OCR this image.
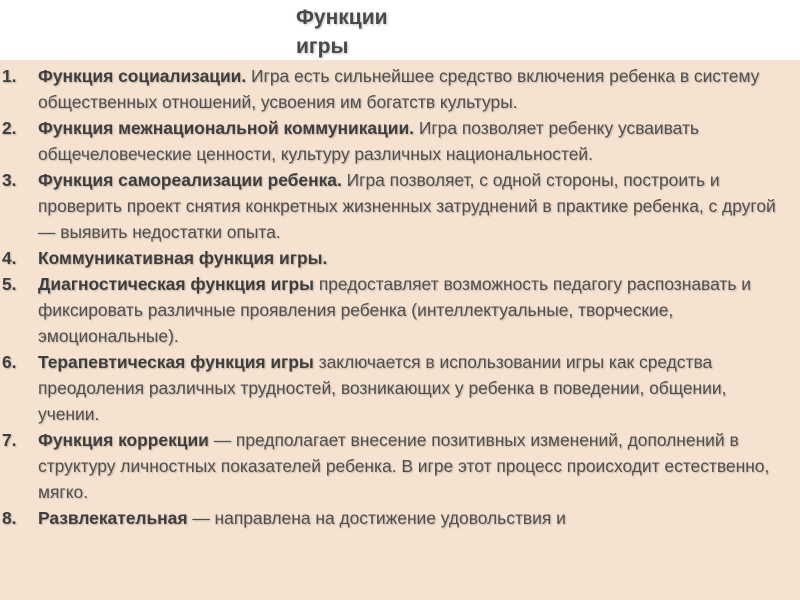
Функции игры
1. Функция социализации. Игра есть сильнейшее средство включения ребенка в систему общественных отношений, усвоения им богатств культуры.
2. Функция межнациональной коммуникации. Игра позволяет ребенку усваивать общечеловеческие ценности, культуру различных национальностей.
3. Функция самореализации ребенка. Игра позволяет, с одной стороны, построить и проверить проект снятия конкретных жизненных затруднений в практике ребенка, с другой — выявить недостатки опыта.
4. Коммуникативная функция игры.
5. Диагностическая функция игры предоставляет возможность педагогу распознавать и фиксировать различные проявления ребенка (интеллектуальные, творческие, эмоциональные).
6. Терапевтическая функция игры заключается в использовании игры как средства преодоления различных трудностей, возникающих у ребенка в поведении, общении, учении.
7. Функция коррекции — предполагает внесение позитивных изменений, дополнений в структуру личностных показателей ребенка. В игре этот процесс происходит естественно, мягко.
8. Развлекательная — направлена на достижение удовольствия и
